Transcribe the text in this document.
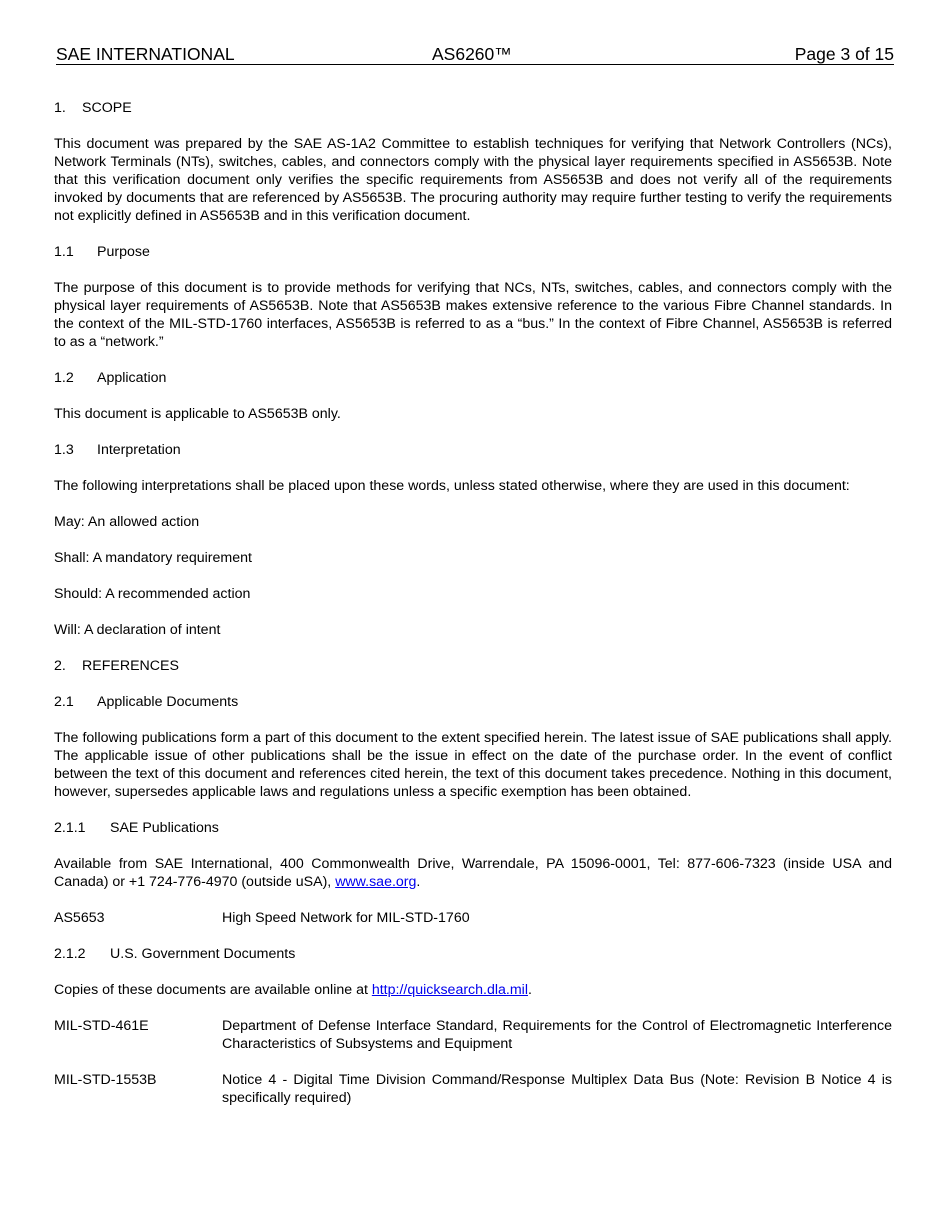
SAE INTERNATIONAL	AS6260™	Page 3 of 15
1. SCOPE

This document was prepared by the SAE AS-1A2 Committee to establish techniques for verifying that Network Controllers (NCs), Network Terminals (NTs), switches, cables, and connectors comply with the physical layer requirements specified in AS5653B. Note that this verification document only verifies the specific requirements from AS5653B and does not verify all of the requirements invoked by documents that are referenced by AS5653B. The procuring authority may require further testing to verify the requirements not explicitly defined in AS5653B and in this verification document.

1.1 Purpose

The purpose of this document is to provide methods for verifying that NCs, NTs, switches, cables, and connectors comply with the physical layer requirements of AS5653B. Note that AS5653B makes extensive reference to the various Fibre Channel standards. In the context of the MIL-STD-1760 interfaces, AS5653B is referred to as a “bus.” In the context of Fibre Channel, AS5653B is referred to as a “network.”

1.2 Application

This document is applicable to AS5653B only.

1.3 Interpretation

The following interpretations shall be placed upon these words, unless stated otherwise, where they are used in this document:

May: An allowed action

Shall: A mandatory requirement

Should: A recommended action

Will: A declaration of intent

2. REFERENCES
2.1 Applicable Documents

The following publications form a part of this document to the extent specified herein. The latest issue of SAE publications shall apply. The applicable issue of other publications shall be the issue in effect on the date of the purchase order. In the event of conflict between the text of this document and references cited herein, the text of this document takes precedence. Nothing in this document, however, supersedes applicable laws and regulations unless a specific exemption has been obtained.

2.1.1 SAE Publications

Available from SAE International, 400 Commonwealth Drive, Warrendale, PA 15096-0001, Tel: 877-606-7323 (inside USA and Canada) or +1 724-776-4970 (outside uSA), www.sae.org.

AS5653	High Speed Network for MIL-STD-1760
2.1.2 U.S. Government Documents

Copies of these documents are available online at http://quicksearch.dla.mil.

MIL-STD-461E	Department of Defense Interface Standard, Requirements for the Control of Electromagnetic Interference Characteristics of Subsystems and Equipment
MIL-STD-1553B	Notice 4 - Digital Time Division Command/Response Multiplex Data Bus (Note: Revision B Notice 4 is specifically required)
